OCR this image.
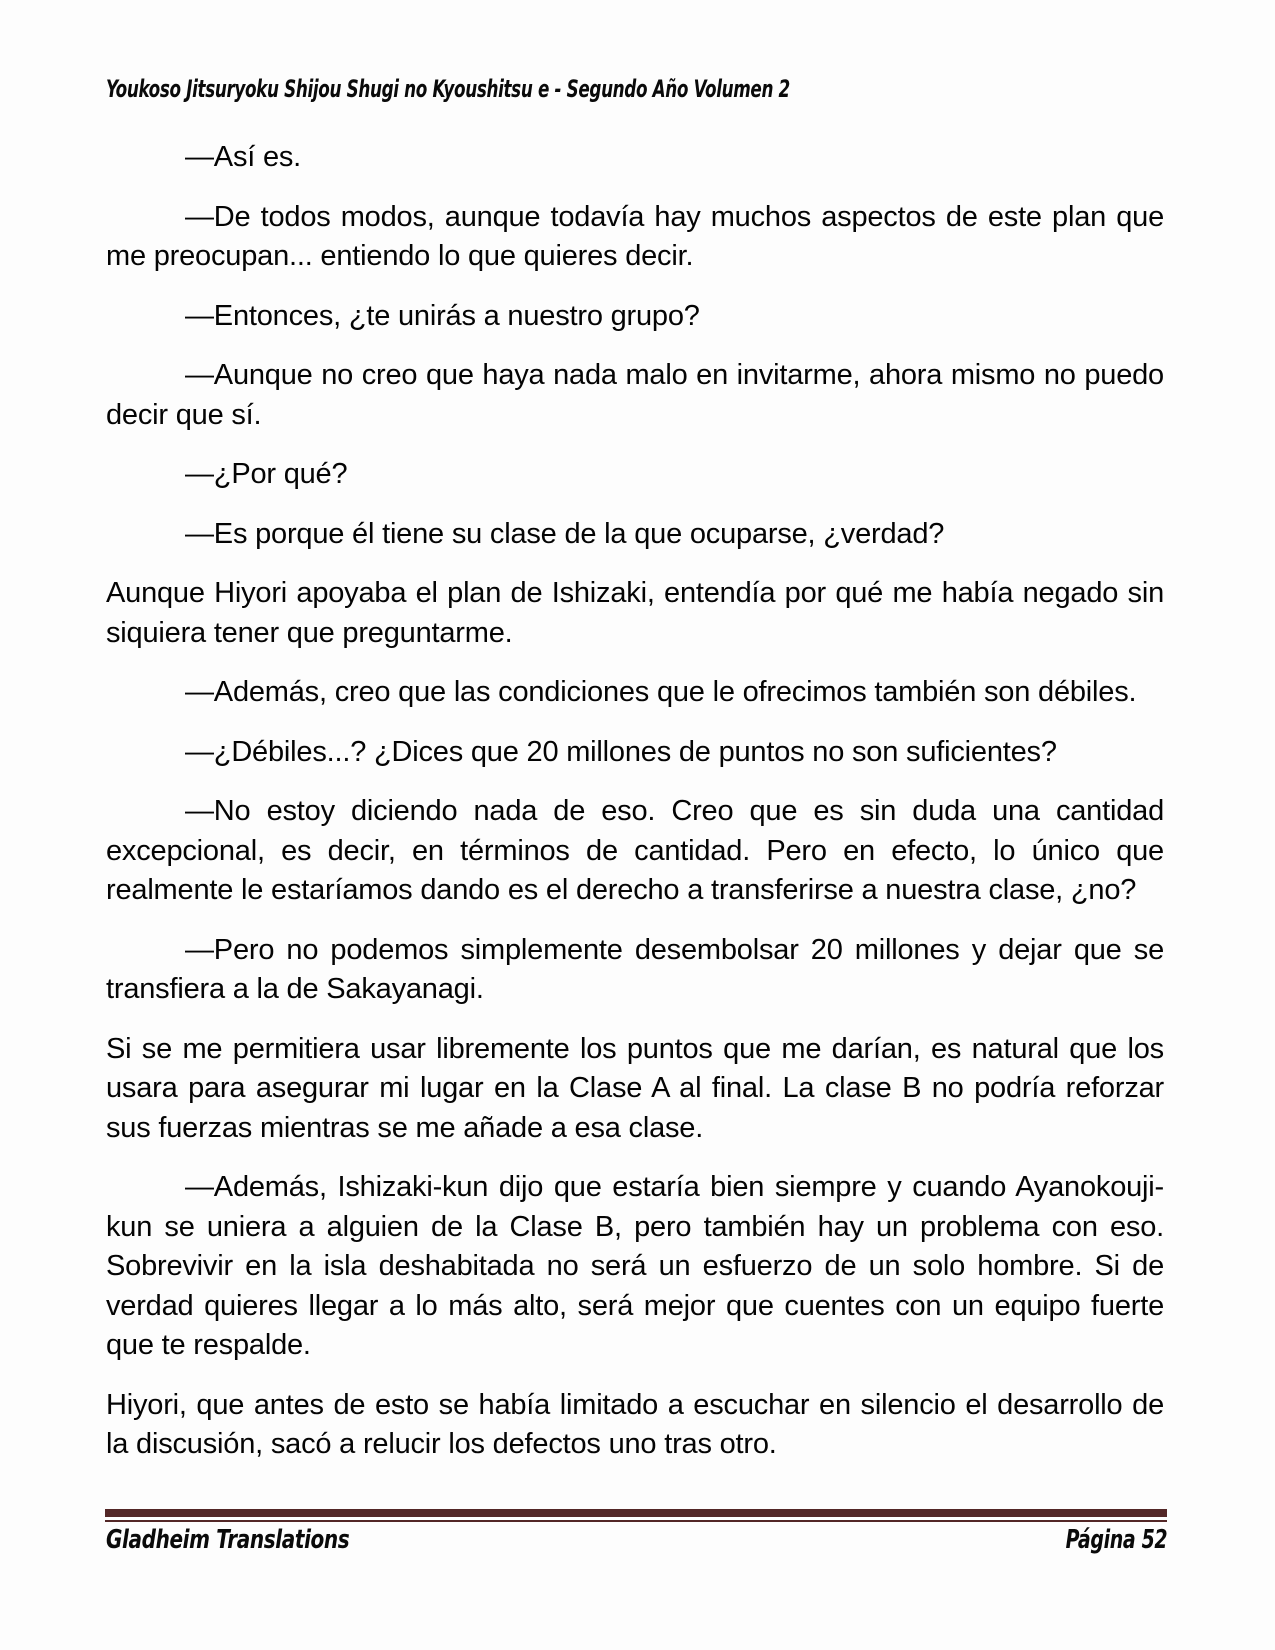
Youkoso Jitsuryoku Shijou Shugi no Kyoushitsu e - Segundo Año Volumen 2

—Así es.

—De todos modos, aunque todavía hay muchos aspectos de este plan que me preocupan... entiendo lo que quieres decir.

—Entonces, ¿te unirás a nuestro grupo?

—Aunque no creo que haya nada malo en invitarme, ahora mismo no puedo decir que sí.

—¿Por qué?

—Es porque él tiene su clase de la que ocuparse, ¿verdad?

Aunque Hiyori apoyaba el plan de Ishizaki, entendía por qué me había negado sin siquiera tener que preguntarme.

—Además, creo que las condiciones que le ofrecimos también son débiles.

—¿Débiles...? ¿Dices que 20 millones de puntos no son suficientes?

—No estoy diciendo nada de eso. Creo que es sin duda una cantidad excepcional, es decir, en términos de cantidad. Pero en efecto, lo único que realmente le estaríamos dando es el derecho a transferirse a nuestra clase, ¿no?

—Pero no podemos simplemente desembolsar 20 millones y dejar que se transfiera a la de Sakayanagi.

Si se me permitiera usar libremente los puntos que me darían, es natural que los usara para asegurar mi lugar en la Clase A al final. La clase B no podría reforzar sus fuerzas mientras se me añade a esa clase.

—Además, Ishizaki-kun dijo que estaría bien siempre y cuando Ayanokouji-kun se uniera a alguien de la Clase B, pero también hay un problema con eso. Sobrevivir en la isla deshabitada no será un esfuerzo de un solo hombre. Si de verdad quieres llegar a lo más alto, será mejor que cuentes con un equipo fuerte que te respalde.

Hiyori, que antes de esto se había limitado a escuchar en silencio el desarrollo de la discusión, sacó a relucir los defectos uno tras otro.

Gladheim Translations	Página 52
